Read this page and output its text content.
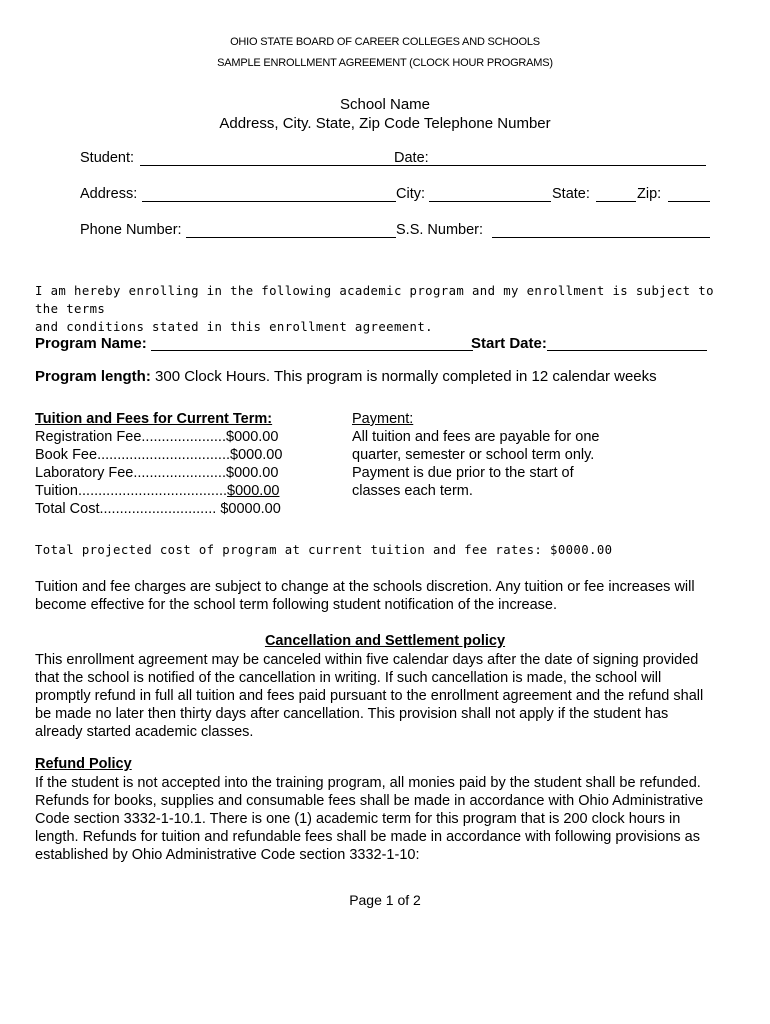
OHIO STATE BOARD OF CAREER COLLEGES AND SCHOOLS
SAMPLE ENROLLMENT AGREEMENT (CLOCK HOUR PROGRAMS)
School Name
Address, City. State, Zip Code Telephone Number
Student:	Date:
Address:	City:	State:	Zip:
Phone Number:	S.S. Number:
I am hereby enrolling in the following academic program and my enrollment is subject to the terms
and conditions stated in this enrollment agreement.
Program Name:	Start Date:
Program length: 300 Clock Hours. This program is normally completed in 12 calendar weeks
Tuition and Fees for Current Term:
Registration Fee.....................$000.00
Book Fee.................................$000.00
Laboratory Fee.......................$000.00
Tuition.....................................$000.00
Total Cost............................. $0000.00
Payment:
All tuition and fees are payable for one
quarter, semester or school term only.
Payment is due prior to the start of
classes each term.
Total projected cost of program at current tuition and fee rates: $0000.00
Tuition and fee charges are subject to change at the schools discretion. Any tuition or fee increases will
become effective for the school term following student notification of the increase.
Cancellation and Settlement policy
This enrollment agreement may be canceled within five calendar days after the date of signing provided
that the school is notified of the cancellation in writing. If such cancellation is made, the school will
promptly refund in full all tuition and fees paid pursuant to the enrollment agreement and the refund shall
be made no later then thirty days after cancellation. This provision shall not apply if the student has
already started academic classes.
Refund Policy
If the student is not accepted into the training program, all monies paid by the student shall be refunded.
Refunds for books, supplies and consumable fees shall be made in accordance with Ohio Administrative
Code section 3332-1-10.1. There is one (1) academic term for this program that is 200 clock hours in
length. Refunds for tuition and refundable fees shall be made in accordance with following provisions as
established by Ohio Administrative Code section 3332-1-10:
Page 1 of 2
